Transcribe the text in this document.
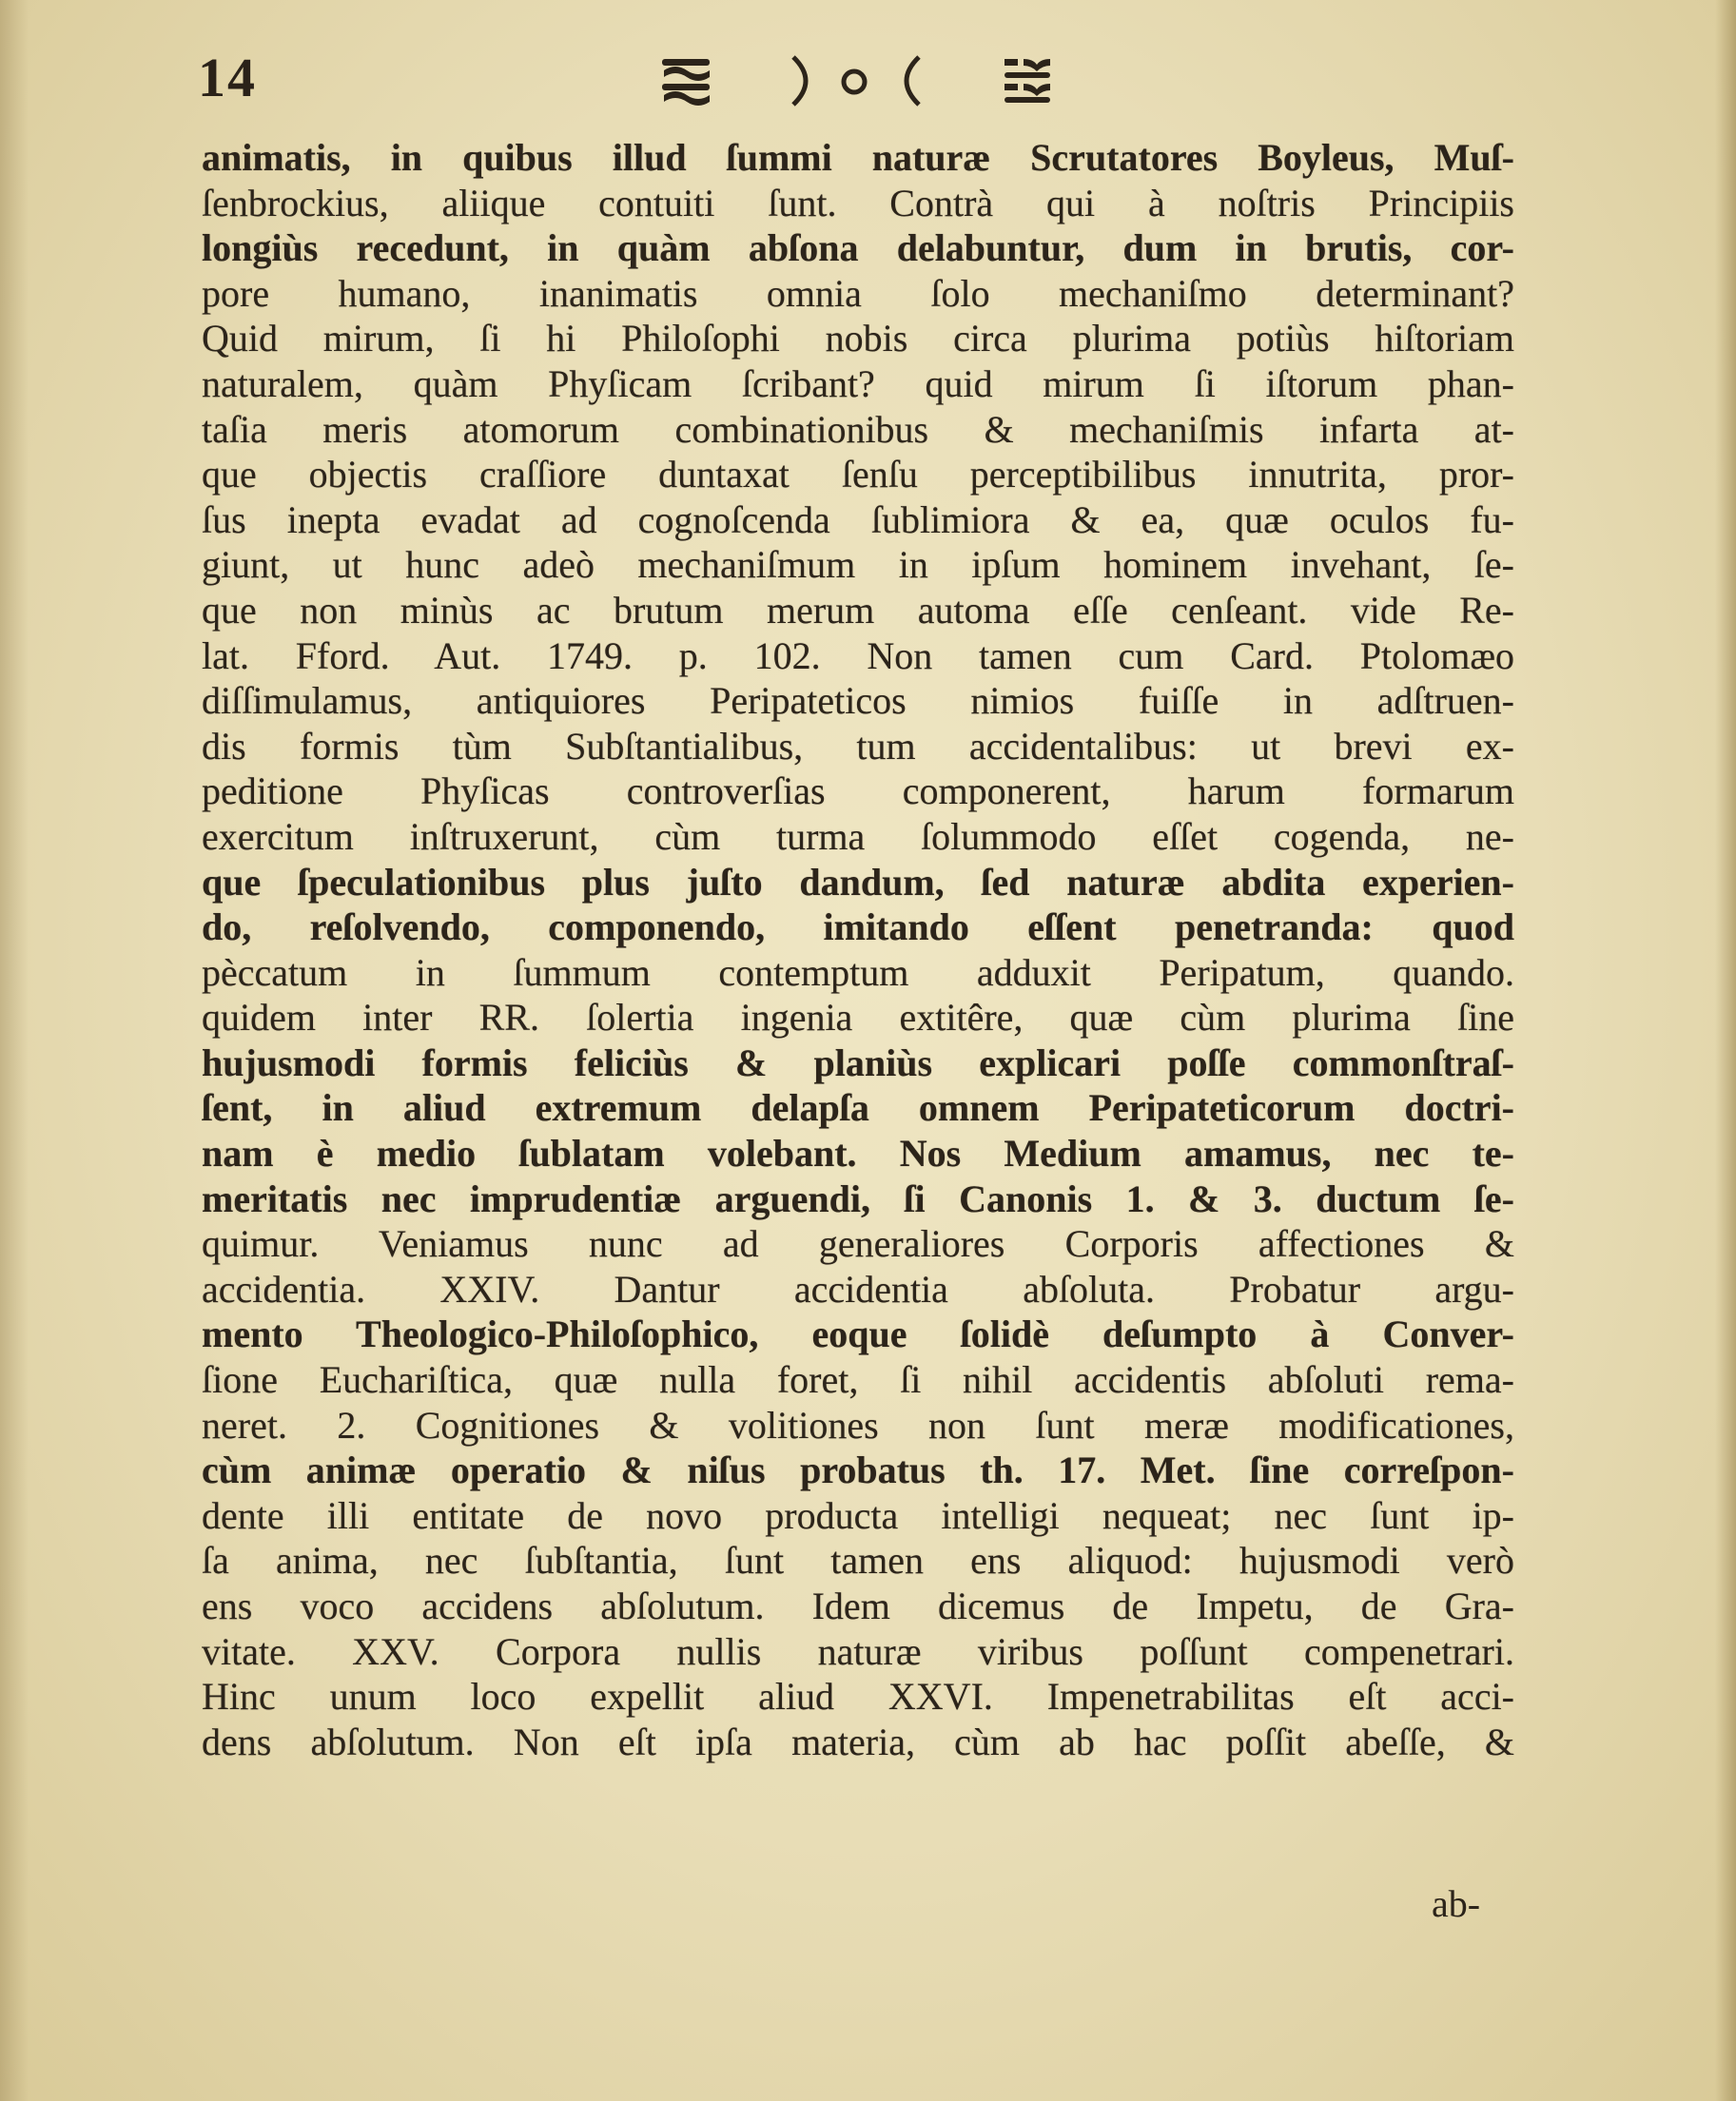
14
animatis, in quibus illud ſummi naturæ Scrutatores Boyleus, Muſ-
ſenbrockius, aliique contuiti ſunt. Contrà qui à noſtris Principiis
longiùs recedunt, in quàm abſona delabuntur, dum in brutis, cor-
pore humano, inanimatis omnia ſolo mechaniſmo determinant?
Quid mirum, ſi hi Philoſophi nobis circa plurima potiùs hiſtoriam
naturalem, quàm Phyſicam ſcribant? quid mirum ſi iſtorum phan-
taſia meris atomorum combinationibus & mechaniſmis infarta at-
que objectis craſſiore duntaxat ſenſu perceptibilibus innutrita, pror-
ſus inepta evadat ad cognoſcenda ſublimiora & ea, quæ oculos fu-
giunt, ut hunc adeò mechaniſmum in ipſum hominem invehant, ſe-
que non minùs ac brutum merum automa eſſe cenſeant. vide Re-
lat. Fford. Aut. 1749. p. 102. Non tamen cum Card. Ptolomæo
diſſimulamus, antiquiores Peripateticos nimios fuiſſe in adſtruen-
dis formis tùm Subſtantialibus, tum accidentalibus: ut brevi ex-
peditione Phyſicas controverſias componerent, harum formarum
exercitum inſtruxerunt, cùm turma ſolummodo eſſet cogenda, ne-
que ſpeculationibus plus juſto dandum, ſed naturæ abdita experien-
do, reſolvendo, componendo, imitando eſſent penetranda: quod
pèccatum in ſummum contemptum adduxit Peripatum, quando.
quidem inter RR. ſolertia ingenia extitêre, quæ cùm plurima ſine
hujusmodi formis feliciùs & planiùs explicari poſſe commonſtraſ-
ſent, in aliud extremum delapſa omnem Peripateticorum doctri-
nam è medio ſublatam volebant. Nos Medium amamus, nec te-
meritatis nec imprudentiæ arguendi, ſi Canonis 1. & 3. ductum ſe-
quimur. Veniamus nunc ad generaliores Corporis affectiones &
accidentia. XXIV. Dantur accidentia abſoluta. Probatur argu-
mento Theologico-Philoſophico, eoque ſolidè deſumpto à Conver-
ſione Euchariſtica, quæ nulla foret, ſi nihil accidentis abſoluti rema-
neret. 2. Cognitiones & volitiones non ſunt meræ modificationes,
cùm animæ operatio & niſus probatus th. 17. Met. ſine correſpon-
dente illi entitate de novo producta intelligi nequeat; nec ſunt ip-
ſa anima, nec ſubſtantia, ſunt tamen ens aliquod: hujusmodi verò
ens voco accidens abſolutum. Idem dicemus de Impetu, de Gra-
vitate. XXV. Corpora nullis naturæ viribus poſſunt compenetrari.
Hinc unum loco expellit aliud XXVI. Impenetrabilitas eſt acci-
dens abſolutum. Non eſt ipſa materia, cùm ab hac poſſit abeſſe, &
ab-
